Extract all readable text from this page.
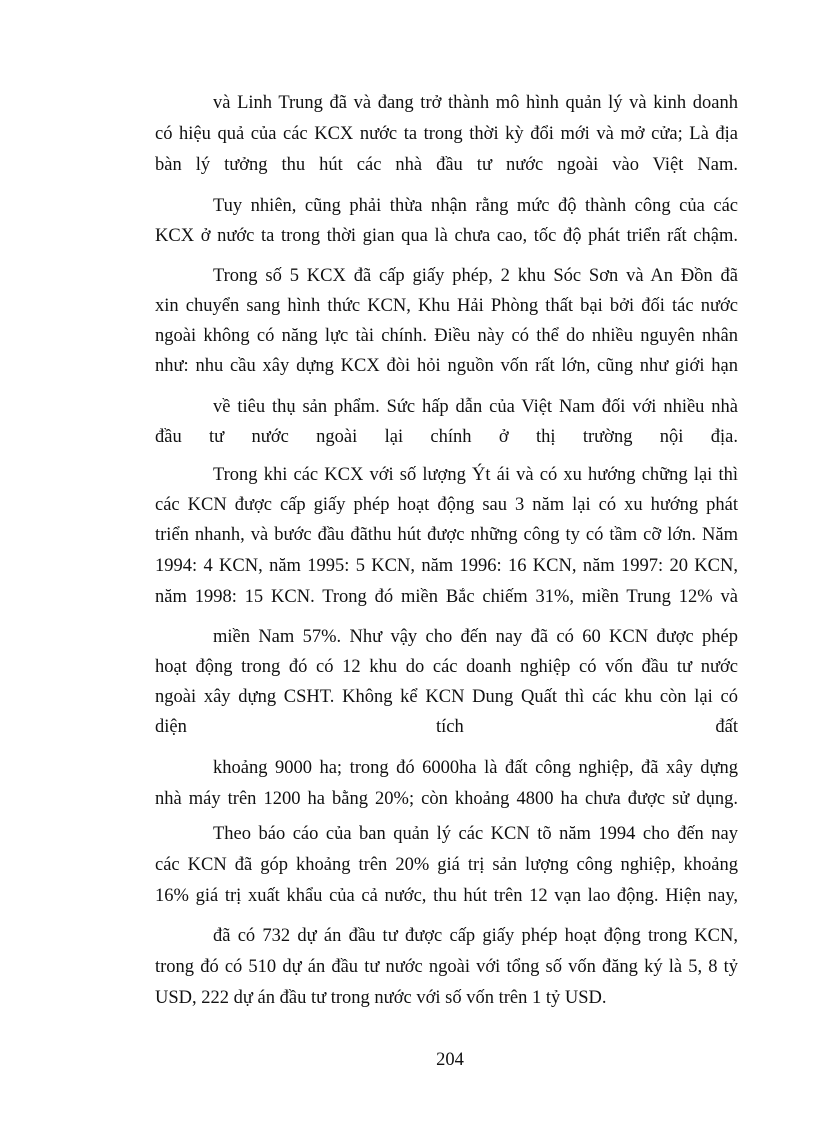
và Linh Trung đã và đang trở thành mô hình quản lý và kinh doanh
có hiệu quả của các KCX nước ta trong thời kỳ đổi mới và mở cửa; Là địa
bàn lý tưởng thu hút các nhà đầu tư nước ngoài vào Việt Nam.
Tuy nhiên, cũng phải thừa nhận rằng mức độ thành công của các
KCX ở nước ta trong thời gian qua là chưa cao, tốc độ phát triển rất chậm.
Trong số 5 KCX đã cấp giấy phép, 2 khu Sóc Sơn và An Đồn đã
xin chuyển sang hình thức KCN, Khu Hải Phòng thất bại bởi đối tác nước
ngoài không có năng lực tài chính. Điều này có thể do nhiều nguyên nhân
như: nhu cầu xây dựng KCX đòi hỏi nguồn vốn rất lớn, cũng như giới hạn
về tiêu thụ sản phẩm. Sức hấp dẫn của Việt Nam đối với nhiều nhà
đầu tư nước ngoài lại chính ở thị trường nội địa.
Trong khi các KCX với số lượng Ýt ái và có xu hướng chững lại thì
các KCN được cấp giấy phép hoạt động sau 3 năm lại có xu hướng phát
triển nhanh, và bước đầu đãthu hút được những công ty có tầm cỡ lớn. Năm
1994: 4 KCN, năm 1995: 5 KCN, năm 1996: 16 KCN, năm 1997: 20 KCN,
năm 1998: 15 KCN. Trong đó miền Bắc chiếm 31%, miền Trung 12% và
miền Nam 57%. Như vậy cho đến nay đã có 60 KCN được phép
hoạt động trong đó có 12 khu do các doanh nghiệp có vốn đầu tư nước
ngoài xây dựng CSHT. Không kể KCN Dung Quất thì các khu còn lại có
diện	tích	đất
khoảng 9000 ha; trong đó 6000ha là đất công nghiệp, đã xây dựng
nhà máy trên 1200 ha bằng 20%; còn khoảng 4800 ha chưa được sử dụng.
Theo báo cáo của ban quản lý các KCN tõ năm 1994 cho đến nay
các KCN đã góp khoảng trên 20% giá trị sản lượng công nghiệp, khoảng
16% giá trị xuất khẩu của cả nước, thu hút trên 12 vạn lao động. Hiện nay,
đã có 732 dự án đầu tư được cấp giấy phép hoạt động trong KCN,
trong đó có 510 dự án đầu tư nước ngoài với tổng số vốn đăng ký là 5, 8 tỷ
USD, 222 dự án đầu tư trong nước với số vốn trên 1 tỷ USD.
204
